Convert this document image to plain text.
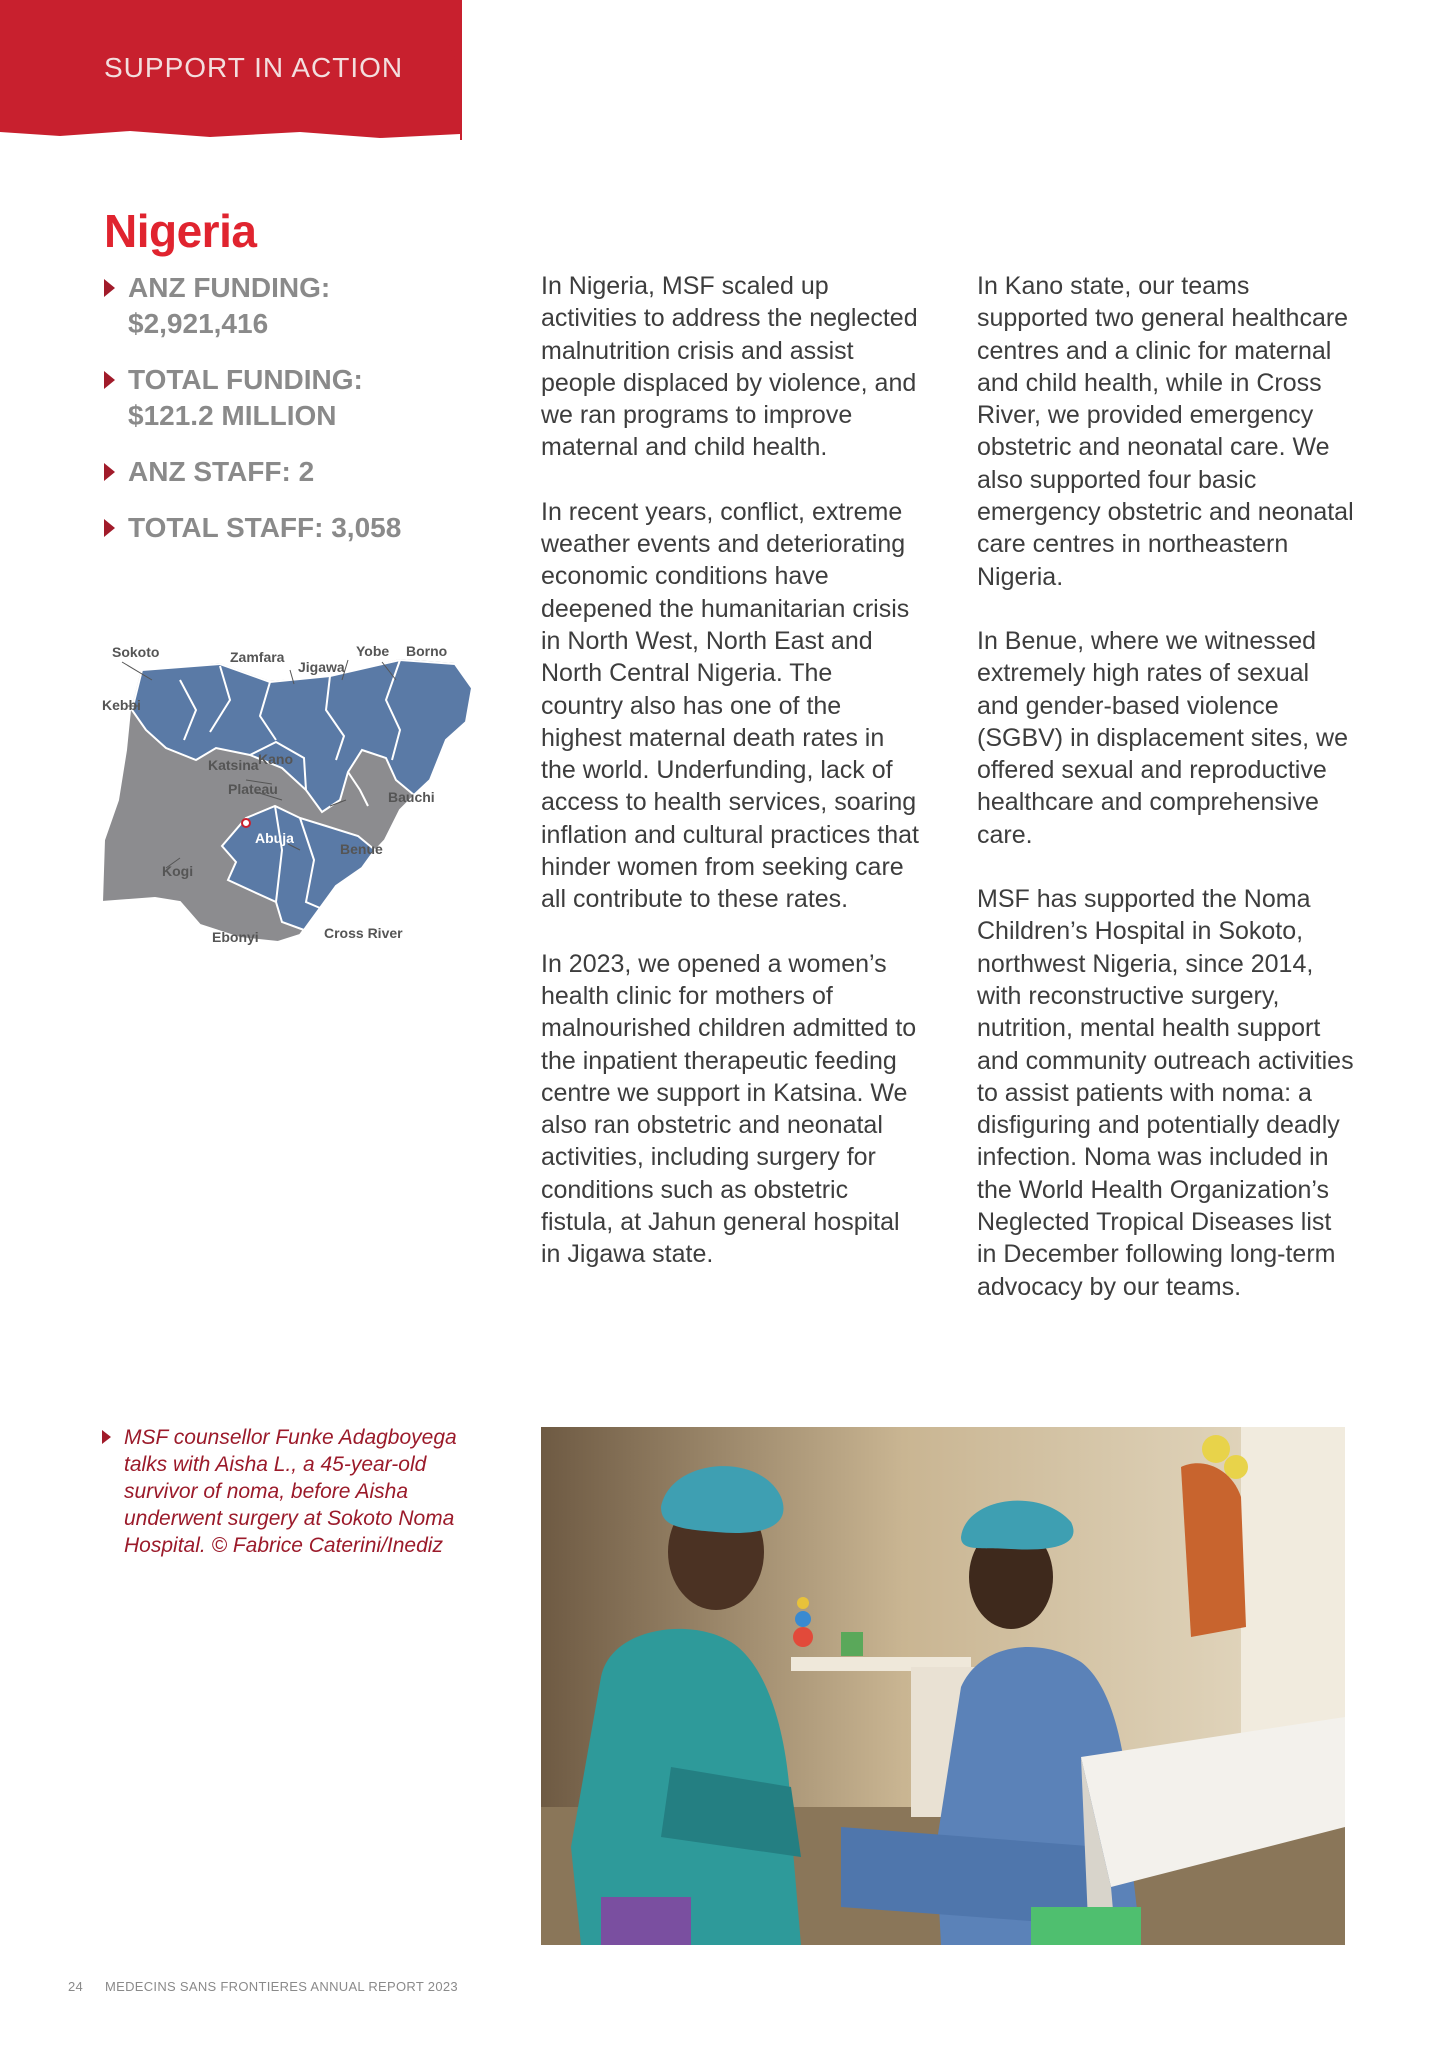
SUPPORT IN ACTION
Nigeria
ANZ FUNDING:
$2,921,416
TOTAL FUNDING:
$121.2 MILLION
ANZ STAFF: 2
TOTAL STAFF: 3,058
Sokoto	Zamfara
Jigawa
Yobe Borno
Kebbi
Katsina Kano
Plateau	Bauchi
Abuja
Benue
Kogi
Ebonyi	Cross River

In Nigeria, MSF scaled up activities to address the neglected malnutrition crisis and assist people displaced by violence, and we ran programs to improve maternal and child health.

In recent years, conflict, extreme weather events and deteriorating economic conditions have deepened the humanitarian crisis in North West, North East and North Central Nigeria. The country also has one of the highest maternal death rates in the world. Underfunding, lack of access to health services, soaring inflation and cultural practices that hinder women from seeking care all contribute to these rates.

In 2023, we opened a women’s health clinic for mothers of malnourished children admitted to the inpatient therapeutic feeding centre we support in Katsina. We also ran obstetric and neonatal activities, including surgery for conditions such as obstetric fistula, at Jahun general hospital in Jigawa state.

In Kano state, our teams supported two general healthcare centres and a clinic for maternal and child health, while in Cross River, we provided emergency obstetric and neonatal care. We also supported four basic emergency obstetric and neonatal care centres in northeastern Nigeria.

In Benue, where we witnessed extremely high rates of sexual and gender-based violence (SGBV) in displacement sites, we offered sexual and reproductive healthcare and comprehensive care.

MSF has supported the Noma Children’s Hospital in Sokoto, northwest Nigeria, since 2014, with reconstructive surgery, nutrition, mental health support and community outreach activities to assist patients with noma: a disfiguring and potentially deadly infection. Noma was included in the World Health Organization’s Neglected Tropical Diseases list in December following long-term advocacy by our teams.

MSF counsellor Funke Adagboyega talks with Aisha L., a 45-year-old survivor of noma, before Aisha underwent surgery at Sokoto Noma Hospital. © Fabrice Caterini/Inediz
24 MEDECINS SANS FRONTIERES ANNUAL REPORT 2023
